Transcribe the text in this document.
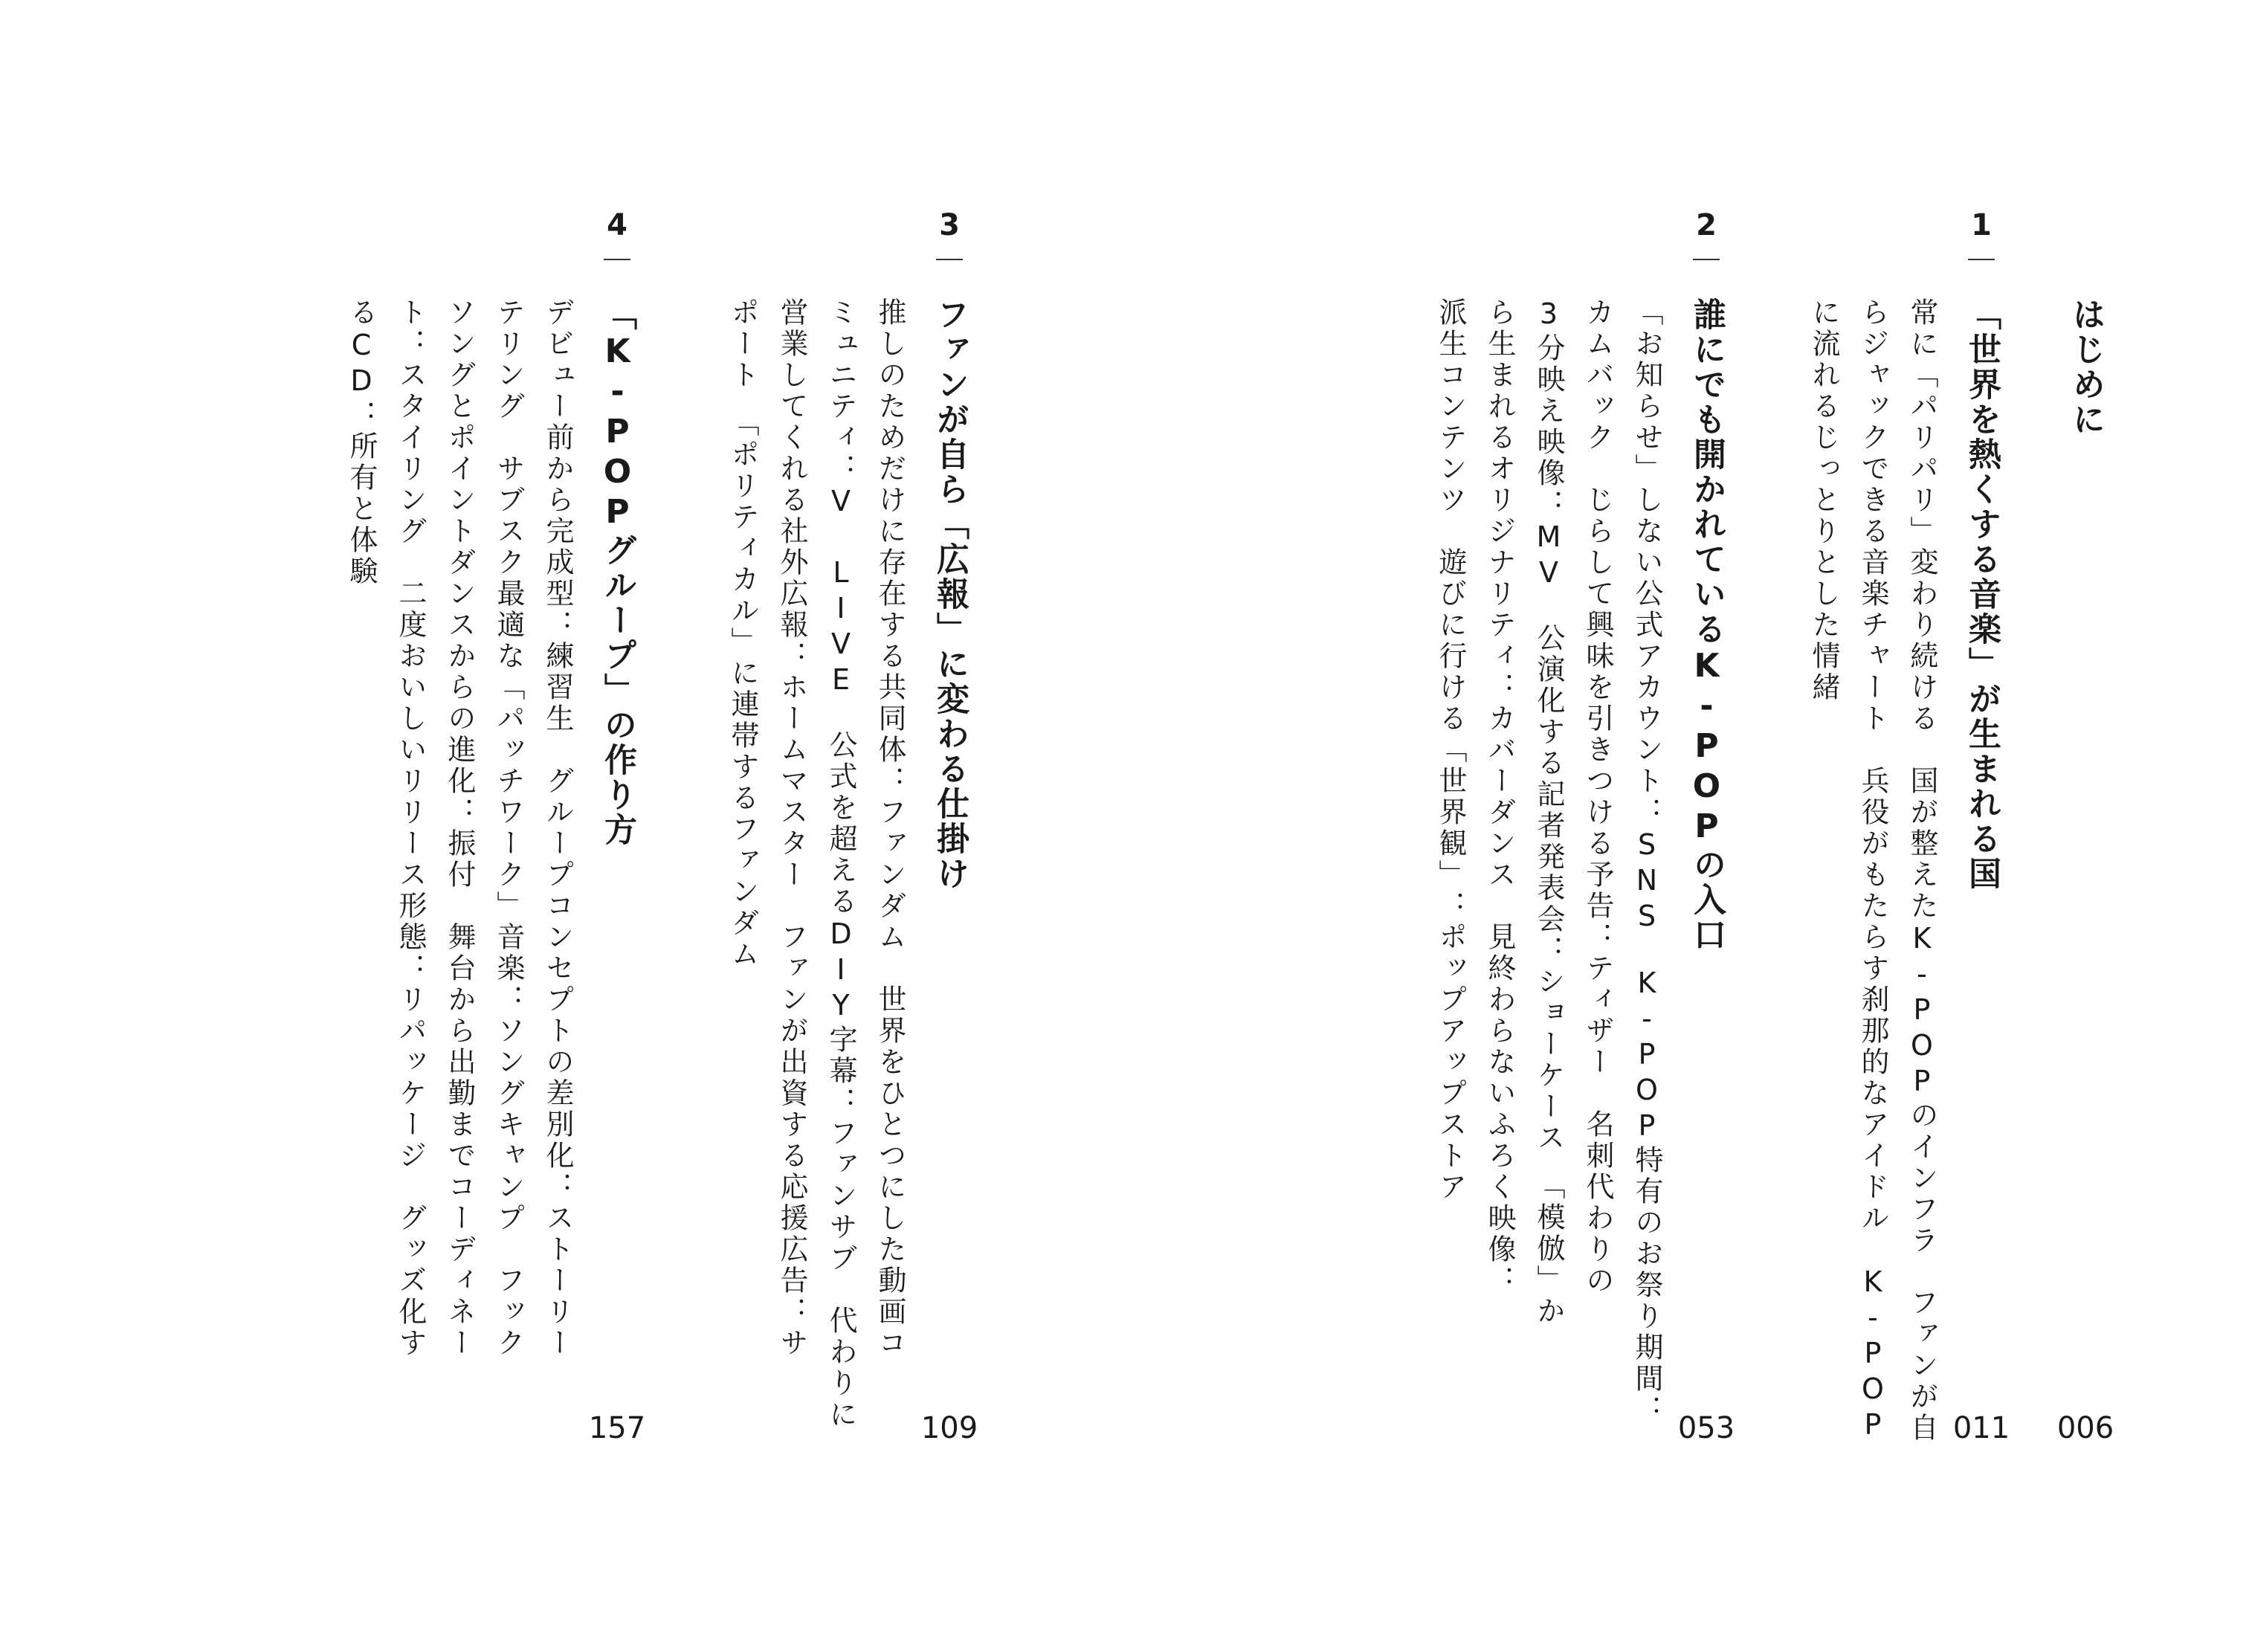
はじめに
006
1
「世界を熱くする音楽」が生まれる国
常に「パリパリ」変わり続ける　国が整えたK-POPのインフラ　ファンが自
らジャックできる音楽チャート　兵役がもたらす刹那的なアイドル　K-POP
に流れるじっとりとした情緒
011
2
誰にでも開かれているK-POPの入口
「お知らせ」しない公式アカウント：SNS　K-POP特有のお祭り期間：
カムバック　じらして興味を引きつける予告：ティザー　名刺代わりの
3分映え映像：MV　公演化する記者発表会：ショーケース　「模倣」か
ら生まれるオリジナリティ：カバーダンス　見終わらないふろく映像：
派生コンテンツ　遊びに行ける「世界観」：ポップアップストア
053
3
ファンが自ら「広報」に変わる仕掛け
推しのためだけに存在する共同体：ファンダム　世界をひとつにした動画コ
ミュニティ：V LIVE　公式を超えるDIY字幕：ファンサブ　代わりに
営業してくれる社外広報：ホームマスター　ファンが出資する応援広告：サ
ポート　「ポリティカル」に連帯するファンダム
109
4
「K-POPグループ」の作り方
デビュー前から完成型：練習生　グループコンセプトの差別化：ストーリー
テリング　サブスク最適な「パッチワーク」音楽：ソングキャンプ　フック
ソングとポイントダンスからの進化：振付　舞台から出勤までコーディネー
ト：スタイリング　二度おいしいリリース形態：リパッケージ　グッズ化す
るCD：所有と体験
157
